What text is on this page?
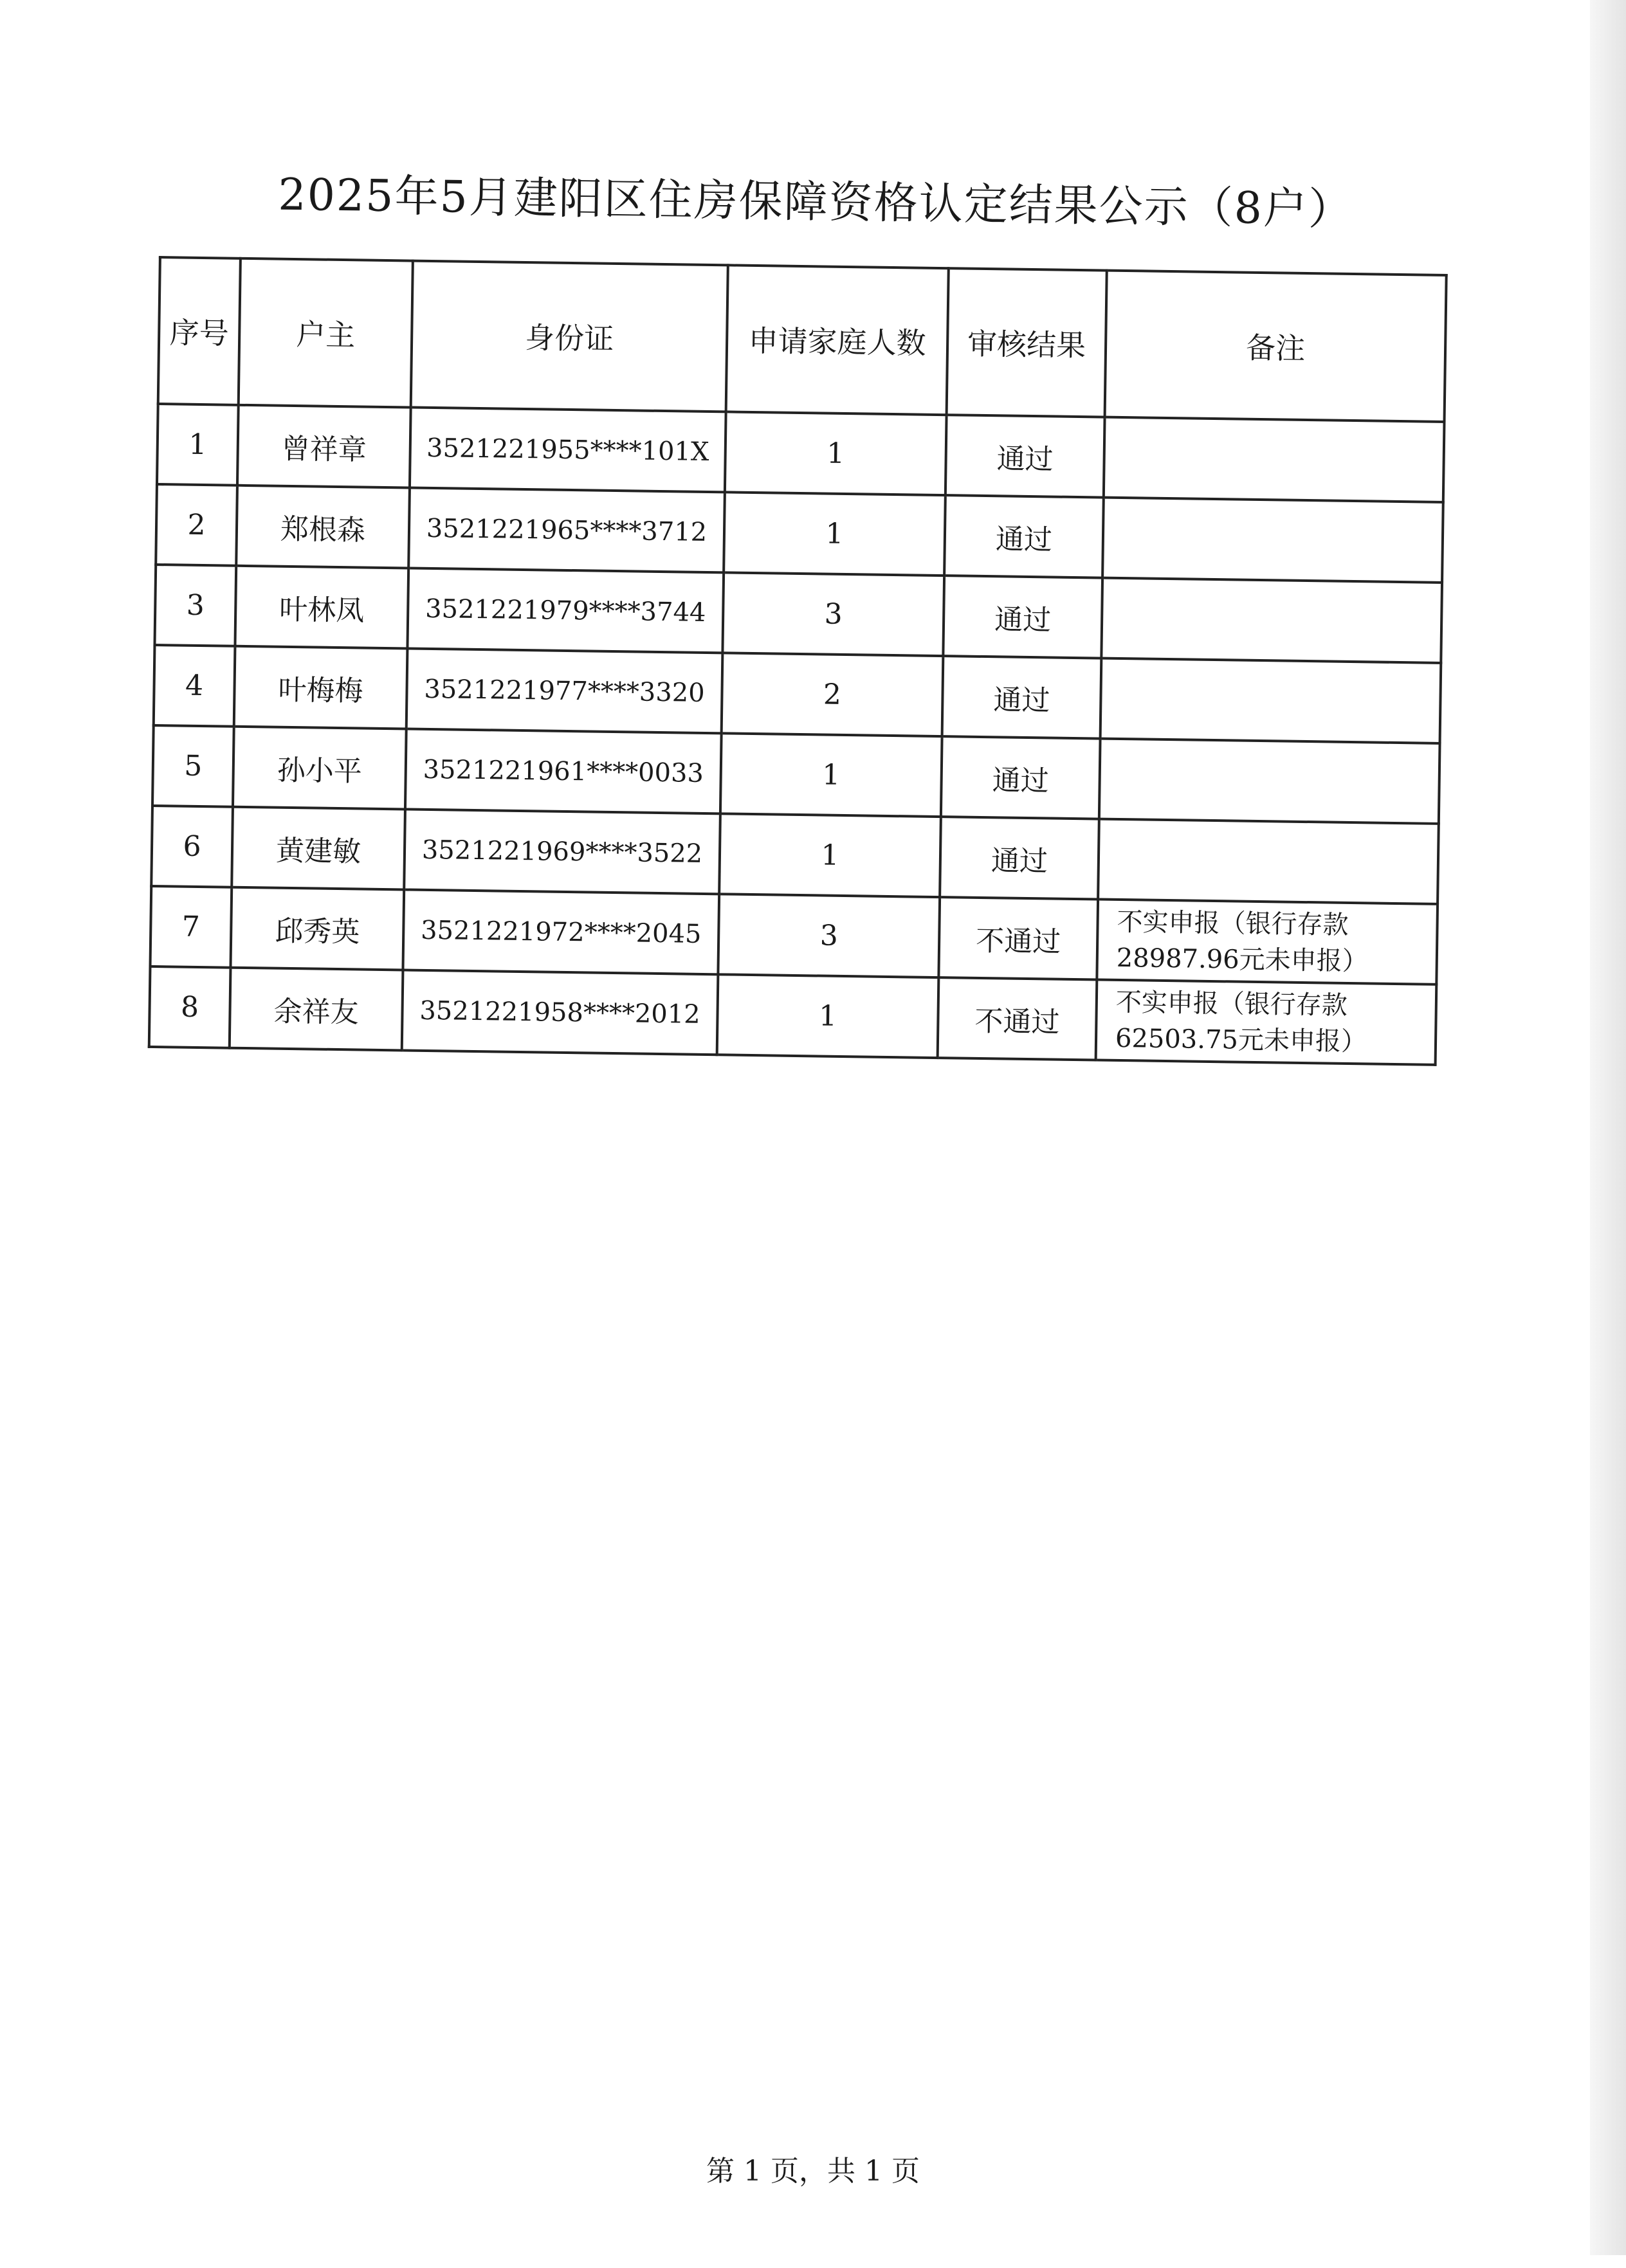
2025年5月建阳区住房保障资格认定结果公示（8户）
序号	户主	身份证	申请家庭人数	审核结果	备注
1	曾祥章	3521221955****101X	1	通过	
2	郑根森	3521221965****3712	1	通过	
3	叶林凤	3521221979****3744	3	通过	
4	叶梅梅	3521221977****3320	2	通过	
5	孙小平	3521221961****0033	1	通过	
6	黄建敏	3521221969****3522	1	通过	
7	邱秀英	3521221972****2045	3	不通过	不实申报（银行存款28987.96元未申报）
8	余祥友	3521221958****2012	1	不通过	不实申报（银行存款62503.75元未申报）
第 1 页，共 1 页
